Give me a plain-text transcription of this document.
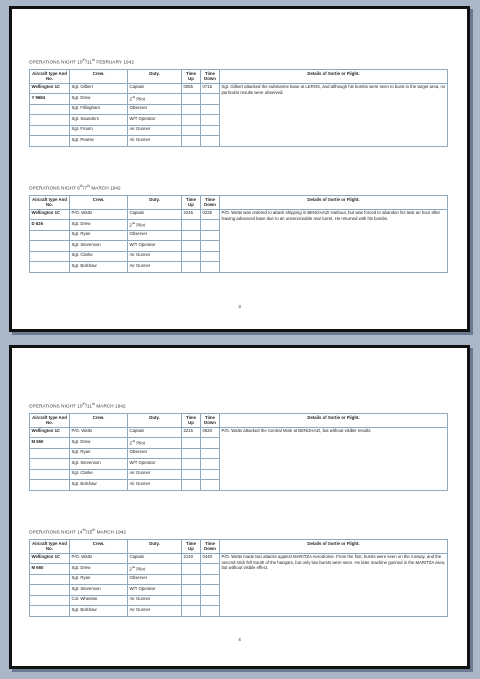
OPERATIONS NIGHT 10th/11th FEBRUARY 1942
Aircraft type And No.	Crew.	Duty.	Time Up	Time Down	Details of Sortie or Flight.
Wellington 1C	Sgt. Gilbert	Captain	0055	0715	Sgt. Gilbert attacked the submarine base at LEROS, and although his bombs were seen to burst in the target area, no particular results were observed.
Y 9684	Sgt. Drew	2nd Pilot			
	Sgt. Fillingham	Observer			
	Sgt. Saunders	W/T Operator			
	Sgt. Froom	Air Gunner			
	Sgt. Pearse	Air Gunner			
OPERATIONS NIGHT 6th/7th MARCH 1942
Aircraft type And No.	Crew.	Duty.	Time Up	Time Down	Details of Sortie or Flight.
Wellington 1C	P/O. Watts	Captain	2246	0225	P/O. Watts was ordered to attack shipping in BENGHAZI Harbour, but was forced to abandon his task an hour after leaving advanced base due to an unserviceable rear turret. He returned with his bombs.
D 626	Sgt. Drew	2nd Pilot			
	Sgt. Ryan	Observer			
	Sgt. Stevenson	W/T Operator			
	Sgt. Clarke	Air Gunner			
	Sgt. Bolshaw	Air Gunner			
3
OPERATIONS NIGHT 10th/11th MARCH 1942
Aircraft type And No.	Crew.	Duty.	Time Up	Time Down	Details of Sortie or Flight.
Wellington 1C	P/O. Watts	Captain	2215	0620	P/O. Watts attacked the Central Mole at BENGHAZI, but without visible results.
M 650	Sgt. Drew	2nd Pilot			
	Sgt. Ryan	Observer			
	Sgt. Stevenson	W/T Operator			
	Sgt. Clarke	Air Gunner			
	Sgt. Bolshaw	Air Gunner			
OPERATIONS NIGHT 14th/15th MARCH 1942
Aircraft type And No.	Crew.	Duty.	Time Up	Time Down	Details of Sortie or Flight.
Wellington 1C	P/O. Watts	Captain	2140	0440	P/O. Watts made two attacks against MARITZA Aerodrome. From the first, bursts were seen on the runway, and the second stick fell South of the hangars, but only two bursts were seen. He later machine gunned in the MARITZA area, but without visible effect.
M 650	Sgt. Drew	2nd Pilot			
	Sgt. Ryan	Observer			
	Sgt. Stevenson	W/T Operator			
	Col. Wheelan	Air Gunner			
	Sgt. Bolshaw	Air Gunner			
4
